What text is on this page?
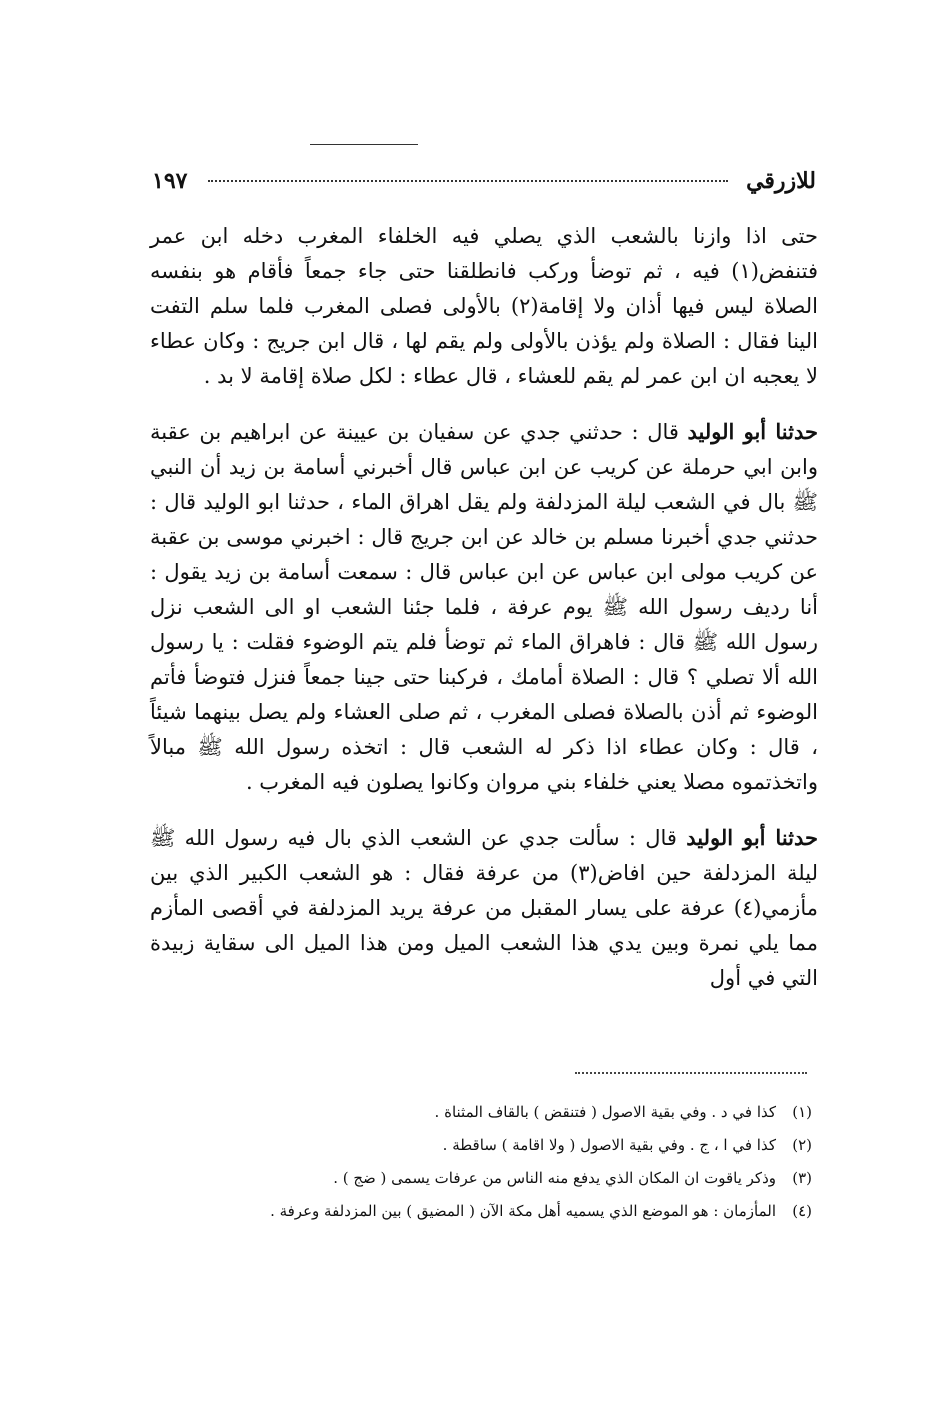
للازرقي
١٩٧

حتى اذا وازنا بالشعب الذي يصلي فيه الخلفاء المغرب دخله ابن عمر فتنفض(١) فيه ، ثم توضأ وركب فانطلقنا حتى جاء جمعاً فأقام هو بنفسه الصلاة ليس فيها أذان ولا إقامة(٢) بالأولى فصلى المغرب فلما سلم التفت الينا فقال : الصلاة ولم يؤذن بالأولى ولم يقم لها ، قال ابن جريج : وكان عطاء لا يعجبه ان ابن عمر لم يقم للعشاء ، قال عطاء : لكل صلاة إقامة لا بد .

حدثنا أبو الوليد قال : حدثني جدي عن سفيان بن عيينة عن ابراهيم بن عقبة وابن ابي حرملة عن كريب عن ابن عباس قال أخبرني أسامة بن زيد أن النبي ﷺ بال في الشعب ليلة المزدلفة ولم يقل اهراق الماء ، حدثنا ابو الوليد قال : حدثني جدي أخبرنا مسلم بن خالد عن ابن جريج قال : اخبرني موسى بن عقبة عن كريب مولى ابن عباس عن ابن عباس قال : سمعت أسامة بن زيد يقول : أنا رديف رسول الله ﷺ يوم عرفة ، فلما جئنا الشعب او الى الشعب نزل رسول الله ﷺ قال : فاهراق الماء ثم توضأ فلم يتم الوضوء فقلت : يا رسول الله ألا تصلي ؟ قال : الصلاة أمامك ، فركبنا حتى جينا جمعاً فنزل فتوضأ فأتم الوضوء ثم أذن بالصلاة فصلى المغرب ، ثم صلى العشاء ولم يصل بينهما شيئاً ، قال : وكان عطاء اذا ذكر له الشعب قال : اتخذه رسول الله ﷺ مبالاً واتخذتموه مصلا يعني خلفاء بني مروان وكانوا يصلون فيه المغرب .

حدثنا أبو الوليد قال : سألت جدي عن الشعب الذي بال فيه رسول الله ﷺ ليلة المزدلفة حين افاض(٣) من عرفة فقال : هو الشعب الكبير الذي بين مأزمي(٤) عرفة على يسار المقبل من عرفة يريد المزدلفة في أقصى المأزم مما يلي نمرة وبين يدي هذا الشعب الميل ومن هذا الميل الى سقاية زبيدة التي في أول

(١)كذا في د . وفي بقية الاصول ( فتنقض ) بالقاف المثناة .

(٢)كذا في ا ، ج . وفي بقية الاصول ( ولا اقامة ) ساقطة .

(٣)وذكر ياقوت ان المكان الذي يدفع منه الناس من عرفات يسمى ( ضج ) .

(٤)المأزمان : هو الموضع الذي يسميه أهل مكة الآن ( المضيق ) بين المزدلفة وعرفة .
